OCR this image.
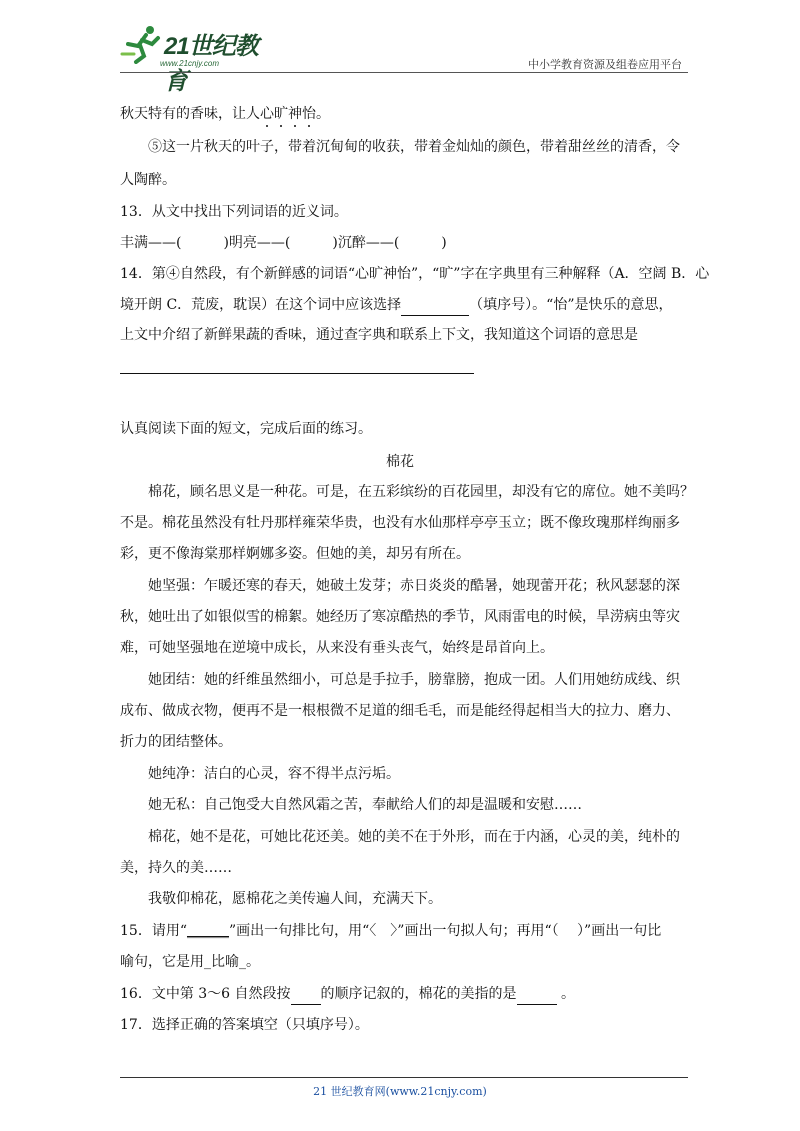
21世纪教育
www.21cnjy.com	中小学教育资源及组卷应用平台
秋天特有的香味，让人心旷神怡。
⑤这一片秋天的叶子，带着沉甸甸的收获，带着金灿灿的颜色，带着甜丝丝的清香，令
人陶醉。
13．从文中找出下列词语的近义词。
丰满——(　　　)明亮——(　　　)沉醉——(　　　)
14．第④自然段，有个新鲜感的词语“心旷神怡”，“旷”字在字典里有三种解释（A．空阔 B．心
境开朗 C．荒废，耽误）在这个词中应该选择	（填序号）。“怡”是快乐的意思，
上文中介绍了新鲜果蔬的香味，通过查字典和联系上下文，我知道这个词语的意思是
认真阅读下面的短文，完成后面的练习。
棉花
棉花，顾名思义是一种花。可是，在五彩缤纷的百花园里，却没有它的席位。她不美吗？
不是。棉花虽然没有牡丹那样雍荣华贵，也没有水仙那样亭亭玉立；既不像玫瑰那样绚丽多
彩，更不像海棠那样婀娜多姿。但她的美，却另有所在。
她坚强：乍暖还寒的春天，她破土发芽；赤日炎炎的酷暑，她现蕾开花；秋风瑟瑟的深
秋，她吐出了如银似雪的棉絮。她经历了寒凉酷热的季节，风雨雷电的时候，旱涝病虫等灾
难，可她坚强地在逆境中成长，从来没有垂头丧气，始终是昂首向上。
她团结：她的纤维虽然细小，可总是手拉手，膀靠膀，抱成一团。人们用她纺成线、织
成布、做成衣物，便再不是一根根微不足道的细毛毛，而是能经得起相当大的拉力、磨力、
折力的团结整体。
她纯净：洁白的心灵，容不得半点污垢。
她无私：自己饱受大自然风霜之苦，奉献给人们的却是温暖和安慰……
棉花，她不是花，可她比花还美。她的美不在于外形，而在于内涵，心灵的美，纯朴的
美，持久的美……
我敬仰棉花，愿棉花之美传遍人间，充满天下。
15．请用“______”画出一句排比句，用“〈　〉”画出一句拟人句；再用“（　 ）”画出一句比
喻句，它是用_比喻_。
16．文中第 3～6 自然段按 的顺序记叙的，棉花的美指的是	。
17．选择正确的答案填空（只填序号）。
21 世纪教育网(www.21cnjy.com)
